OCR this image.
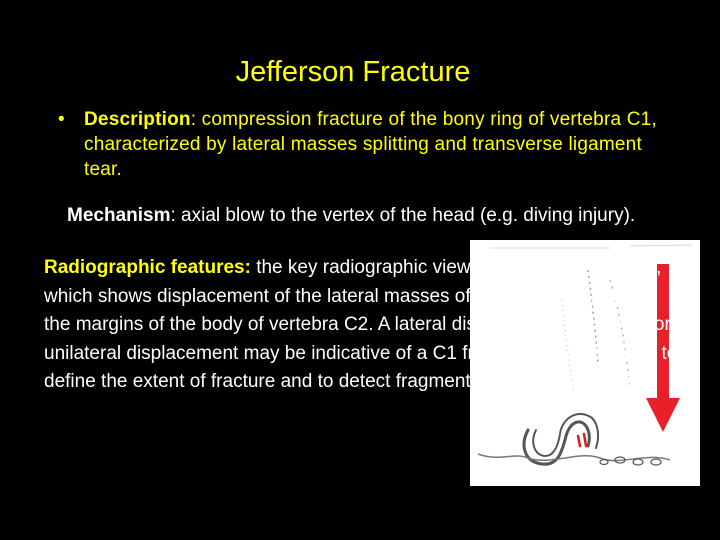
Jefferson Fracture
• Description: compression fracture of the bony ring of vertebra C1, characterized by lateral masses splitting and transverse ligament tear.
Mechanism: axial blow to the vertex of the head (e.g. diving injury).
Radiographic features: the key radiographic view is the AP open mouth, which shows displacement of the lateral masses of vertebrae C1 beyond the margins of the body of vertebra C2. A lateral displacement of >2 mm or unilateral displacement may be indicative of a C1 fracture. CT is required to define the extent of fracture and to detect fragments in the spinal canal.
